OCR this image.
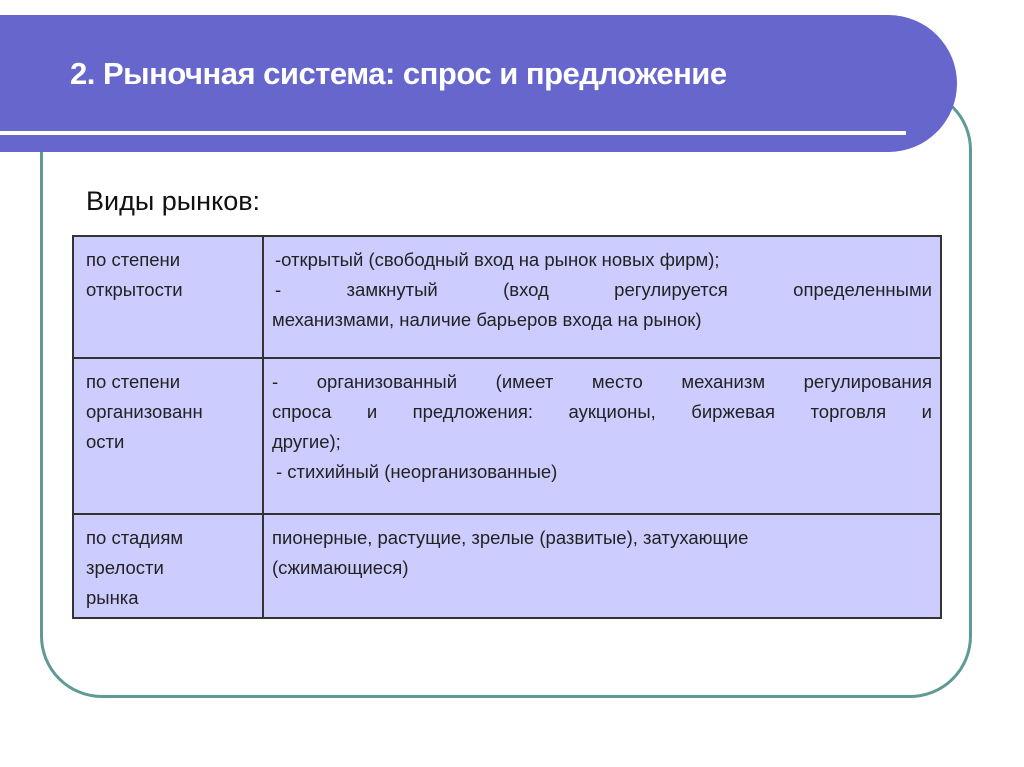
2. Рыночная система: спрос и предложение
Виды рынков:
по степени
открытости	-открытый (свободный вход на рынок новых фирм);
- замкнутый (вход регулируется определенными
механизмами, наличие барьеров входа на рынок)

по степени
организованн
ости	- организованный (имеет место механизм регулирования
спроса и предложения: аукционы, биржевая торговля и
другие);
- стихийный (неорганизованные)

по стадиям
зрелости
рынка	пионерные, растущие, зрелые (развитые), затухающие
(сжимающиеся)
